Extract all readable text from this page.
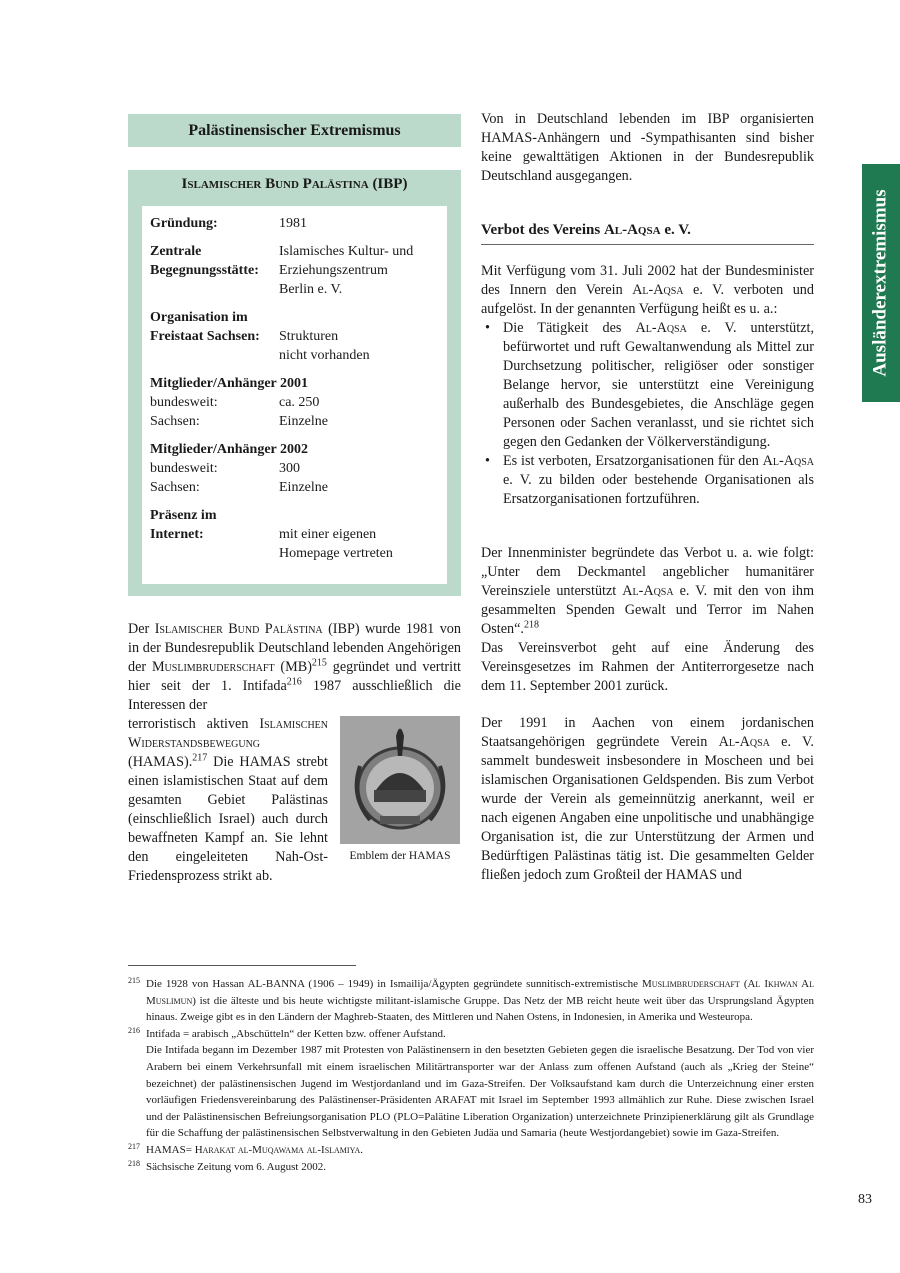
Palästinensischer Extremismus
Islamischer Bund Palästina (IBP)
Gründung:	1981
Zentrale
Begegnungsstätte:
Islamisches Kultur- und
Erziehungszentrum
Berlin e. V.
Organisation im
Freistaat Sachsen:	Strukturen
nicht vorhanden
Mitglieder/Anhänger 2001
bundesweit:	ca. 250
Sachsen:	Einzelne
Mitglieder/Anhänger 2002
bundesweit:	300
Sachsen:	Einzelne
Präsenz im
Internet:	mit einer eigenen
Homepage vertreten
Der Islamischer Bund Palästina (IBP) wurde 1981 von in der Bundesrepublik Deutschland lebenden Angehörigen der Muslimbruderschaft (MB)$^{215}$ gegründet und vertritt hier seit der 1. Intifada$^{216}$ 1987 ausschließlich die Interessen der
terroristisch aktiven Islamischen Widerstandsbewegung (HAMAS).$^{217}$ Die HAMAS strebt einen islamistischen Staat auf dem gesamten Gebiet Palästinas (einschließlich Israel) auch durch bewaffneten Kampf an. Sie lehnt den eingeleiteten Nah-Ost-Friedensprozess strikt ab.
Emblem der HAMAS
Von in Deutschland lebenden im IBP organisierten HAMAS-Anhängern und -Sympathisanten sind bisher keine gewalttätigen Aktionen in der Bundesrepublik Deutschland ausgegangen.
Verbot des Vereins Al-Aqsa e. V.
Mit Verfügung vom 31. Juli 2002 hat der Bundesminister des Innern den Verein Al-Aqsa e. V. verboten und aufgelöst. In der genannten Verfügung heißt es u. a.:
• Die Tätigkeit des Al-Aqsa e. V. unterstützt, befürwortet und ruft Gewaltanwendung als Mittel zur Durchsetzung politischer, religiöser oder sonstiger Belange hervor, sie unterstützt eine Vereinigung außerhalb des Bundesgebietes, die Anschläge gegen Personen oder Sachen veranlasst, und sie richtet sich gegen den Gedanken der Völkerverständigung.
• Es ist verboten, Ersatzorganisationen für den Al-Aqsa e. V. zu bilden oder bestehende Organisationen als Ersatzorganisationen fortzuführen.
Der Innenminister begründete das Verbot u. a. wie folgt: „Unter dem Deckmantel angeblicher humanitärer Vereinsziele unterstützt Al-Aqsa e. V. mit den von ihm gesammelten Spenden Gewalt und Terror im Nahen Osten“.$^{218}$
Das Vereinsverbot geht auf eine Änderung des Vereinsgesetzes im Rahmen der Antiterrorgesetze nach dem 11. September 2001 zurück.
Der 1991 in Aachen von einem jordanischen Staatsangehörigen gegründete Verein Al-Aqsa e. V. sammelt bundesweit insbesondere in Moscheen und bei islamischen Organisationen Geldspenden. Bis zum Verbot wurde der Verein als gemeinnützig anerkannt, weil er nach eigenen Angaben eine unpolitische und unabhängige Organisation ist, die zur Unterstützung der Armen und Bedürftigen Palästinas tätig ist. Die gesammelten Gelder fließen jedoch zum Großteil der HAMAS und
Ausländerextremismus
215 Die 1928 von Hassan AL-BANNA (1906 – 1949) in Ismailija/Ägypten gegründete sunnitisch-extremistische Muslimbruderschaft (Al Ikhwan Al Muslimun) ist die älteste und bis heute wichtigste militant-islamische Gruppe. Das Netz der MB reicht heute weit über das Ursprungsland Ägypten hinaus. Zweige gibt es in den Ländern der Maghreb-Staaten, des Mittleren und Nahen Ostens, in Indonesien, in Amerika und Westeuropa.
216 Intifada = arabisch „Abschütteln“ der Ketten bzw. offener Aufstand.
Die Intifada begann im Dezember 1987 mit Protesten von Palästinensern in den besetzten Gebieten gegen die israelische Besatzung. Der Tod von vier Arabern bei einem Verkehrsunfall mit einem israelischen Militärtransporter war der Anlass zum offenen Aufstand (auch als „Krieg der Steine“ bezeichnet) der palästinensischen Jugend im Westjordanland und im Gaza-Streifen. Der Volksaufstand kam durch die Unterzeichnung einer ersten vorläufigen Friedensvereinbarung des Palästinenser-Präsidenten ARAFAT mit Israel im September 1993 allmählich zur Ruhe. Diese zwischen Israel und der Palästinensischen Befreiungsorganisation PLO (PLO=Palätine Liberation Organization) unterzeichnete Prinzipienerklärung gilt als Grundlage für die Schaffung der palästinensischen Selbstverwaltung in den Gebieten Judäa und Samaria (heute Westjordangebiet) sowie im Gaza-Streifen.
217 HAMAS= Harakat al-Muqawama al-Islamiya.
218 Sächsische Zeitung vom 6. August 2002.
83
